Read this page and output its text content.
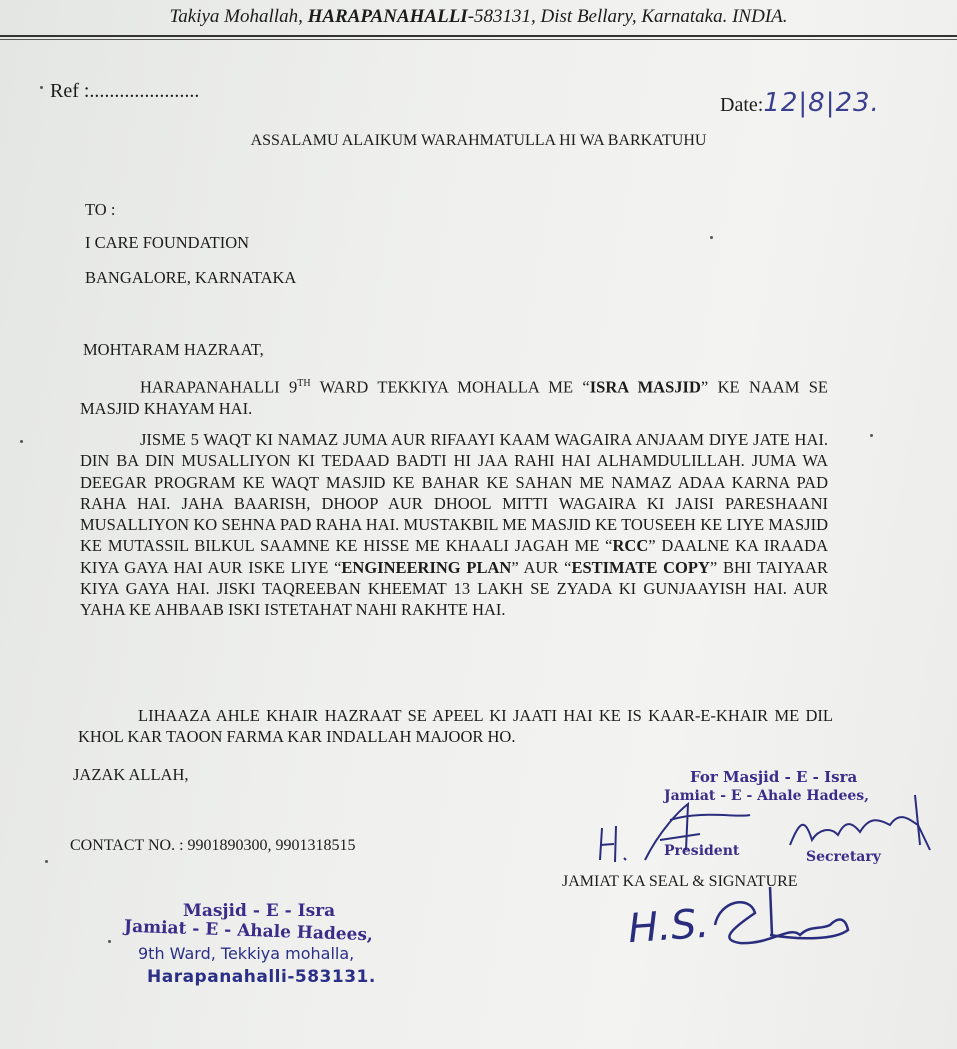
Takiya Mohallah, HARAPANAHALLI-583131, Dist Bellary, Karnataka. INDIA.
Ref :......................
Date:12|8|23.
ASSALAMU ALAIKUM WARAHMATULLA HI WA BARKATUHU
TO :
I CARE FOUNDATION
BANGALORE, KARNATAKA
MOHTARAM HAZRAAT,
HARAPANAHALLI 9TH WARD TEKKIYA MOHALLA ME “ISRA MASJID” KE NAAM SE MASJID KHAYAM HAI.
JISME 5 WAQT KI NAMAZ JUMA AUR RIFAAYI KAAM WAGAIRA ANJAAM DIYE JATE HAI. DIN BA DIN MUSALLIYON KI TEDAAD BADTI HI JAA RAHI HAI ALHAMDULILLAH. JUMA WA DEEGAR PROGRAM KE WAQT MASJID KE BAHAR KE SAHAN ME NAMAZ ADAA KARNA PAD RAHA HAI. JAHA BAARISH, DHOOP AUR DHOOL MITTI WAGAIRA KI JAISI PARESHAANI MUSALLIYON KO SEHNA PAD RAHA HAI. MUSTAKBIL ME MASJID KE TOUSEEH KE LIYE MASJID KE MUTASSIL BILKUL SAAMNE KE HISSE ME KHAALI JAGAH ME “RCC” DAALNE KA IRAADA KIYA GAYA HAI AUR ISKE LIYE “ENGINEERING PLAN” AUR “ESTIMATE COPY” BHI TAIYAAR KIYA GAYA HAI. JISKI TAQREEBAN KHEEMAT 13 LAKH SE ZYADA KI GUNJAAYISH HAI. AUR YAHA KE AHBAAB ISKI ISTETAHAT NAHI RAKHTE HAI.
LIHAAZA AHLE KHAIR HAZRAAT SE APEEL KI JAATI HAI KE IS KAAR-E-KHAIR ME DIL KHOL KAR TAOON FARMA KAR INDALLAH MAJOOR HO.
JAZAK ALLAH,
CONTACT NO. : 9901890300, 9901318515
For Masjid - E - Isra
Jamiat - E - Ahale Hadees,
President	Secretary
JAMIAT KA SEAL & SIGNATURE
H.S.
Masjid - E - Isra
Jamiat - E - Ahale Hadees,
9th Ward, Tekkiya mohalla,
Harapanahalli-583131.
